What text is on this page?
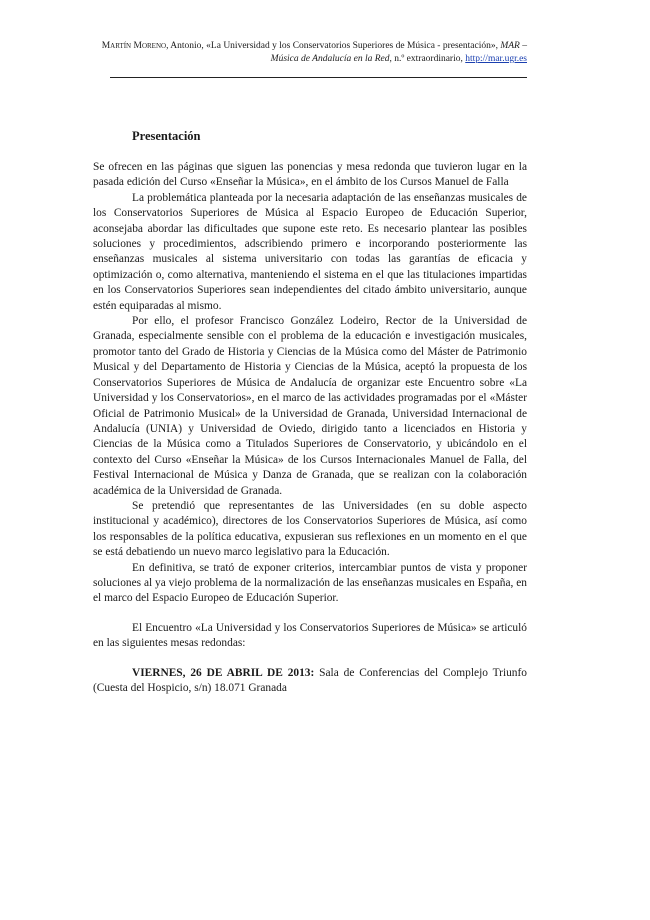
Martín Moreno, Antonio, «La Universidad y los Conservatorios Superiores de Música - presentación», MAR – Música de Andalucía en la Red, n.º extraordinario, http://mar.ugr.es
Presentación

Se ofrecen en las páginas que siguen las ponencias y mesa redonda que tuvieron lugar en la pasada edición del Curso «Enseñar la Música», en el ámbito de los Cursos Manuel de Falla

La problemática planteada por la necesaria adaptación de las enseñanzas musicales de los Conservatorios Superiores de Música al Espacio Europeo de Educación Superior, aconsejaba abordar las dificultades que supone este reto. Es necesario plantear las posibles soluciones y procedimientos, adscribiendo primero e incorporando posteriormente las enseñanzas musicales al sistema universitario con todas las garantías de eficacia y optimización o, como alternativa, manteniendo el sistema en el que las titulaciones impartidas en los Conservatorios Superiores sean independientes del citado ámbito universitario, aunque estén equiparadas al mismo.

Por ello, el profesor Francisco González Lodeiro, Rector de la Universidad de Granada, especialmente sensible con el problema de la educación e investigación musicales, promotor tanto del Grado de Historia y Ciencias de la Música como del Máster de Patrimonio Musical y del Departamento de Historia y Ciencias de la Música, aceptó la propuesta de los Conservatorios Superiores de Música de Andalucía de organizar este Encuentro sobre «La Universidad y los Conservatorios», en el marco de las actividades programadas por el «Máster Oficial de Patrimonio Musical» de la Universidad de Granada, Universidad Internacional de Andalucía (UNIA) y Universidad de Oviedo, dirigido tanto a licenciados en Historia y Ciencias de la Música como a Titulados Superiores de Conservatorio, y ubicándolo en el contexto del Curso «Enseñar la Música» de los Cursos Internacionales Manuel de Falla, del Festival Internacional de Música y Danza de Granada, que se realizan con la colaboración académica de la Universidad de Granada.

Se pretendió que representantes de las Universidades (en su doble aspecto institucional y académico), directores de los Conservatorios Superiores de Música, así como los responsables de la política educativa, expusieran sus reflexiones en un momento en el que se está debatiendo un nuevo marco legislativo para la Educación.

En definitiva, se trató de exponer criterios, intercambiar puntos de vista y proponer soluciones al ya viejo problema de la normalización de las enseñanzas musicales en España, en el marco del Espacio Europeo de Educación Superior.

El Encuentro «La Universidad y los Conservatorios Superiores de Música» se articuló en las siguientes mesas redondas:

VIERNES, 26 DE ABRIL DE 2013: Sala de Conferencias del Complejo Triunfo (Cuesta del Hospicio, s/n) 18.071 Granada
